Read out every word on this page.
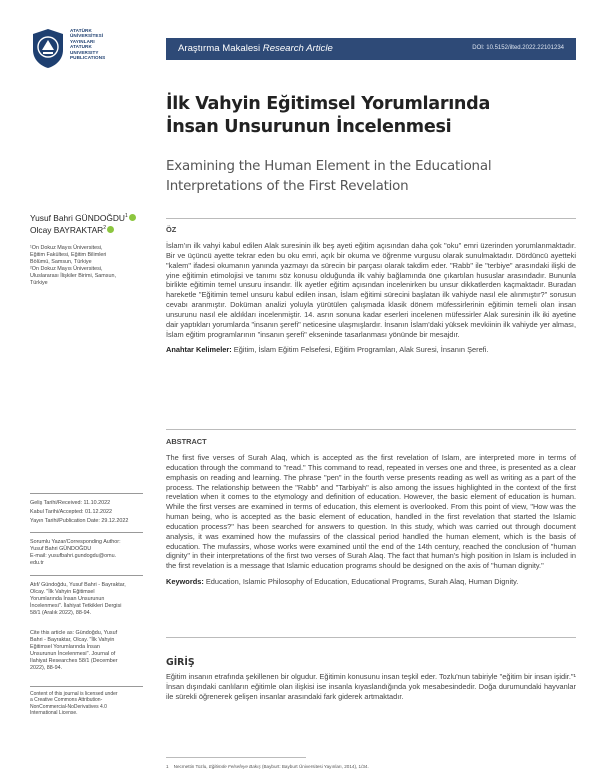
ATATÜRK
ÜNİVERSİTESİ
YAYINLARI
ATATURK
UNIVERSITY
PUBLICATIONS
Araştırma Makalesi Research Article	DOI: 10.5152/ilted.2022.22101234
İlk Vahyin Eğitimsel Yorumlarında
İnsan Unsurunun İncelenmesi
Examining the Human Element in the Educational
Interpretations of the First Revelation
Yusuf Bahri GÜNDOĞDU$^1$
Olcay BAYRAKTAR$^2$
¹On Dokuz Mayıs Üniversitesi,
Eğitim Fakültesi, Eğitim Bilimleri
Bölümü, Samsun, Türkiye
²On Dokuz Mayıs Üniversitesi,
Uluslararası İlişkiler Birimi, Samsun,
Türkiye
Geliş Tarihi/Received: 11.10.2022
Kabul Tarihi/Accepted: 01.12.2022
Yayın Tarihi/Publication Date: 29.12.2022
Sorumlu Yazar/Corresponding Author:
Yusuf Bahri GÜNDOĞDU
E-mail: yusufbahri.gundogdu@omu.
edu.tr
Atıf/ Gündoğdu, Yusuf Bahri - Bayraktar,
Olcay. "İlk Vahyin Eğitimsel
Yorumlarında İnsan Unsurunun
İncelenmesi". İlahiyat Tetkikleri Dergisi
58/1 (Aralık 2022), 88-94.
Cite this article as: Gündoğdu, Yusuf
Bahri - Bayraktar, Olcay. "İlk Vahyin
Eğitimsel Yorumlarında İnsan
Unsurunun İncelenmesi". Journal of
Ilahiyat Researches 58/1 (December
2022), 88-94.
Content of this journal is licensed under
a Creative Commons Attribution-
NonCommercial-NoDerivatives 4.0
International License.
ÖZ
İslam'ın ilk vahyi kabul edilen Alak suresinin ilk beş ayeti eğitim açısından daha çok "oku" emri üzerinden yorumlanmaktadır. Bir ve üçüncü ayette tekrar eden bu oku emri, açık bir okuma ve öğrenme vurgusu olarak sunulmaktadır. Dördüncü ayetteki "kalem" ifadesi okumanın yanında yazmayı da sürecin bir parçası olarak takdim eder. "Rabb" ile "terbiye" arasındaki ilişki de yine eğitimin etimolojisi ve tanımı söz konusu olduğunda ilk vahiy bağlamında öne çıkartılan hususlar arasındadır. Bununla birlikte eğitimin temel unsuru insandır. İlk ayetler eğitim açısından incelenirken bu unsur dikkatlerden kaçmaktadır. Buradan hareketle "Eğitimin temel unsuru kabul edilen insan, İslam eğitimi sürecini başlatan ilk vahiyde nasıl ele alınmıştır?" sorusun cevabı aranmıştır. Doküman analizi yoluyla yürütülen çalışmada klasik dönem müfessirlerinin eğitimin temeli olan insan unsurunu nasıl ele aldıkları incelenmiştir. 14. asrın sonuna kadar eserleri incelenen müfessirler Alak suresinin ilk iki ayetine dair yaptıkları yorumlarda "insanın şerefi" neticesine ulaşmışlardır. İnsanın İslam'daki yüksek mevkiinin ilk vahiyde yer alması, İslam eğitim programlarının "insanın şerefi" ekseninde tasarlanması yönünde bir mesajdır.
Anahtar Kelimeler: Eğitim, İslam Eğitim Felsefesi, Eğitim Programları, Alak Suresi, İnsanın Şerefi.
ABSTRACT
The first five verses of Surah Alaq, which is accepted as the first revelation of Islam, are interpreted more in terms of education through the command to "read." This command to read, repeated in verses one and three, is presented as a clear emphasis on reading and learning. The phrase "pen" in the fourth verse presents reading as well as writing as a part of the process. The relationship between the "Rabb" and "Tarbiyah" is also among the issues highlighted in the context of the first revelation when it comes to the etymology and definition of education. However, the basic element of education is human. While the first verses are examined in terms of education, this element is overlooked. From this point of view, "How was the human being, who is accepted as the basic element of education, handled in the first revelation that started the Islamic education process?" has been searched for answers to question. In this study, which was carried out through document analysis, it was examined how the mufassirs of the classical period handled the human element, which is the basis of education. The mufassirs, whose works were examined until the end of the 14th century, reached the conclusion of "human dignity" in their interpretations of the first two verses of Surah Alaq. The fact that human's high position in Islam is included in the first revelation is a message that Islamic education programs should be designed on the axis of "human dignity."
Keywords: Education, Islamic Philosophy of Education, Educational Programs, Surah Alaq, Human Dignity.
GİRİŞ
Eğitim insanın etrafında şekillenen bir olgudur. Eğitimin konusunu insan teşkil eder. Tozlu'nun tabiriyle "eğitim bir insan işidir."¹ İnsan dışındaki canlıların eğitimle olan ilişkisi ise insanla kıyaslandığında yok mesabesindedir. Doğa durumundaki hayvanlar ile sürekli öğrenerek gelişen insanlar arasındaki fark giderek artmaktadır.
1 Necmettin Tozlu, Eğitimde Felsefeye Bakış (Bayburt: Bayburt Üniversitesi Yayınları, 2014), 1/34.
